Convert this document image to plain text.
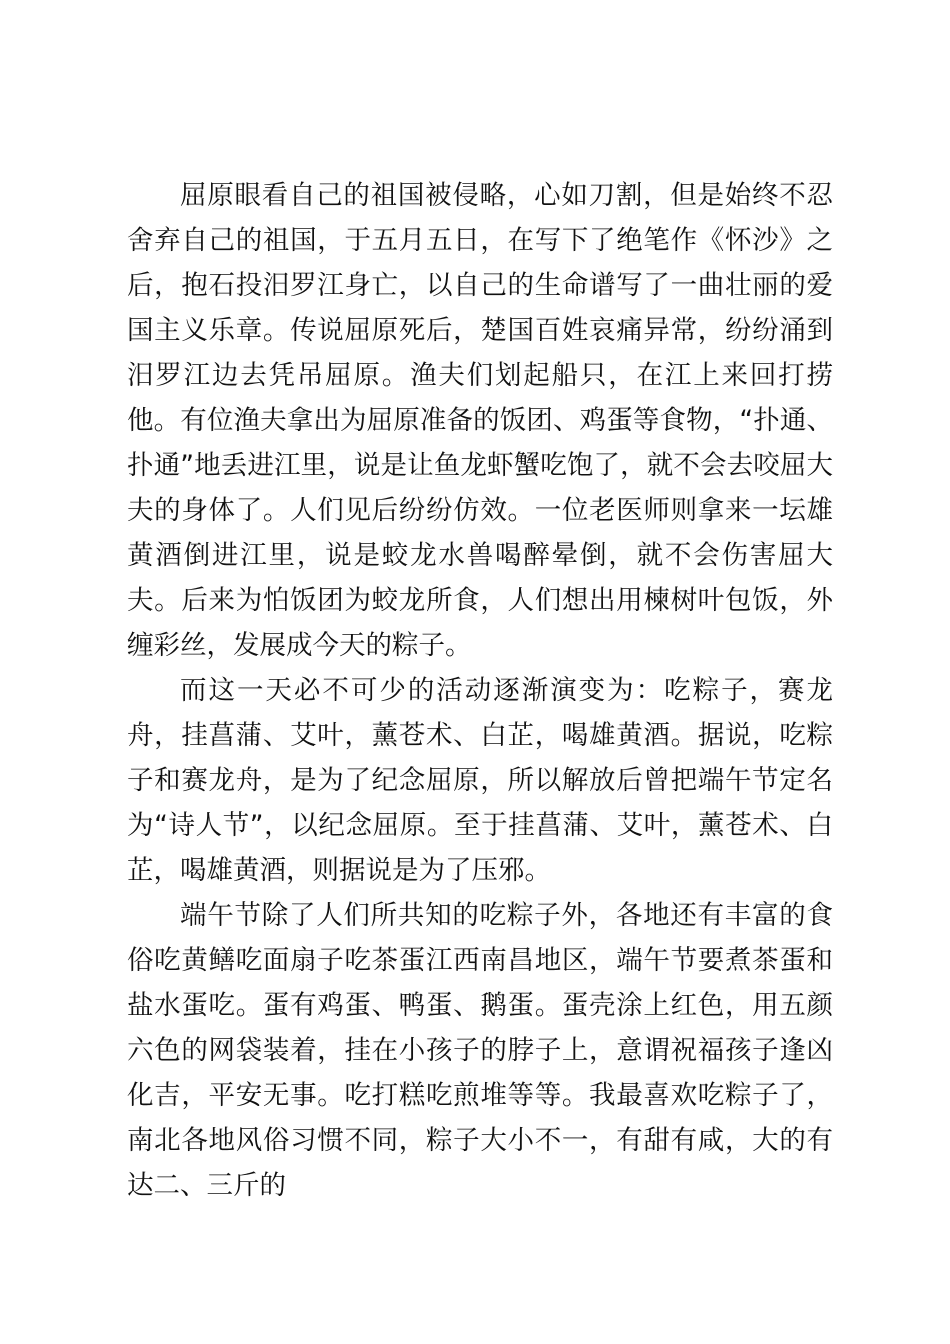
屈原眼看自己的祖国被侵略，心如刀割，但是始终不忍舍弃自己的祖国，于五月五日，在写下了绝笔作《怀沙》之后，抱石投汨罗江身亡，以自己的生命谱写了一曲壮丽的爱国主义乐章。传说屈原死后，楚国百姓哀痛异常，纷纷涌到汨罗江边去凭吊屈原。渔夫们划起船只，在江上来回打捞他。有位渔夫拿出为屈原准备的饭团、鸡蛋等食物，“扑通、扑通”地丢进江里，说是让鱼龙虾蟹吃饱了，就不会去咬屈大夫的身体了。人们见后纷纷仿效。一位老医师则拿来一坛雄黄酒倒进江里，说是蛟龙水兽喝醉晕倒，就不会伤害屈大夫。后来为怕饭团为蛟龙所食，人们想出用楝树叶包饭，外缠彩丝，发展成今天的粽子。

而这一天必不可少的活动逐渐演变为：吃粽子，赛龙舟，挂菖蒲、艾叶，薰苍术、白芷，喝雄黄酒。据说，吃粽子和赛龙舟，是为了纪念屈原，所以解放后曾把端午节定名为“诗人节”，以纪念屈原。至于挂菖蒲、艾叶，薰苍术、白芷，喝雄黄酒，则据说是为了压邪。

端午节除了人们所共知的吃粽子外，各地还有丰富的食俗吃黄鳝吃面扇子吃茶蛋江西南昌地区，端午节要煮茶蛋和盐水蛋吃。蛋有鸡蛋、鸭蛋、鹅蛋。蛋壳涂上红色，用五颜六色的网袋装着，挂在小孩子的脖子上，意谓祝福孩子逢凶化吉，平安无事。吃打糕吃煎堆等等。我最喜欢吃粽子了，南北各地风俗习惯不同，粽子大小不一，有甜有咸，大的有达二、三斤的
